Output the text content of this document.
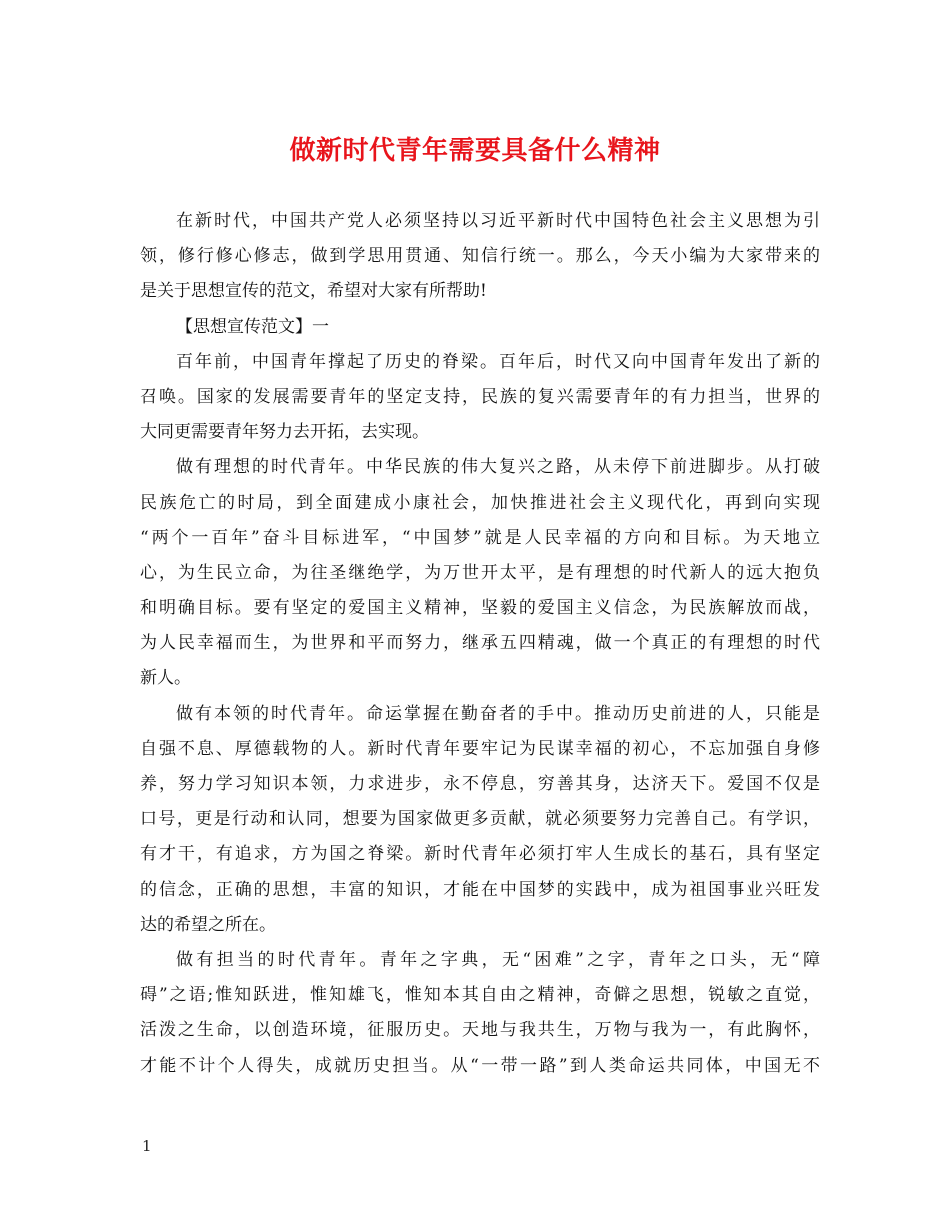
做新时代青年需要具备什么精神
在新时代，中国共产党人必须坚持以习近平新时代中国特色社会主义思想为引
领，修行修心修志，做到学思用贯通、知信行统一。那么，今天小编为大家带来的
是关于思想宣传的范文，希望对大家有所帮助!
【思想宣传范文】一
百年前，中国青年撑起了历史的脊梁。百年后，时代又向中国青年发出了新的
召唤。国家的发展需要青年的坚定支持，民族的复兴需要青年的有力担当，世界的
大同更需要青年努力去开拓，去实现。
做有理想的时代青年。中华民族的伟大复兴之路，从未停下前进脚步。从打破
民族危亡的时局，到全面建成小康社会，加快推进社会主义现代化，再到向实现
“两个一百年”奋斗目标进军，“中国梦”就是人民幸福的方向和目标。为天地立
心，为生民立命，为往圣继绝学，为万世开太平，是有理想的时代新人的远大抱负
和明确目标。要有坚定的爱国主义精神，坚毅的爱国主义信念，为民族解放而战，
为人民幸福而生，为世界和平而努力，继承五四精魂，做一个真正的有理想的时代
新人。
做有本领的时代青年。命运掌握在勤奋者的手中。推动历史前进的人，只能是
自强不息、厚德载物的人。新时代青年要牢记为民谋幸福的初心，不忘加强自身修
养，努力学习知识本领，力求进步，永不停息，穷善其身，达济天下。爱国不仅是
口号，更是行动和认同，想要为国家做更多贡献，就必须要努力完善自己。有学识，
有才干，有追求，方为国之脊梁。新时代青年必须打牢人生成长的基石，具有坚定
的信念，正确的思想，丰富的知识，才能在中国梦的实践中，成为祖国事业兴旺发
达的希望之所在。
做有担当的时代青年。青年之字典，无“困难”之字，青年之口头，无“障
碍”之语;惟知跃进，惟知雄飞，惟知本其自由之精神，奇僻之思想，锐敏之直觉，
活泼之生命，以创造环境，征服历史。天地与我共生，万物与我为一，有此胸怀，
才能不计个人得失，成就历史担当。从“一带一路”到人类命运共同体，中国无不
1
